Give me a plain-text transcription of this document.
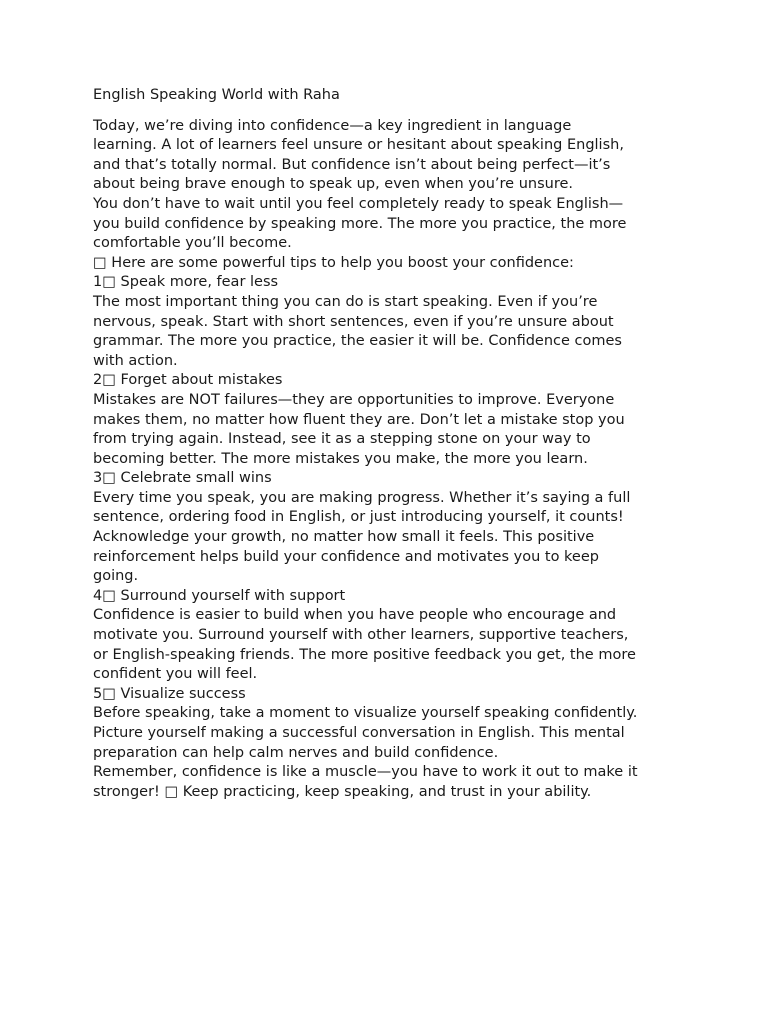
English Speaking World with Raha
Today, we’re diving into confidence—a key ingredient in language
learning. A lot of learners feel unsure or hesitant about speaking English,
and that’s totally normal. But confidence isn’t about being perfect—it’s
about being brave enough to speak up, even when you’re unsure.
You don’t have to wait until you feel completely ready to speak English—
you build confidence by speaking more. The more you practice, the more
comfortable you’ll become.
□ Here are some powerful tips to help you boost your confidence:
1□ Speak more, fear less
The most important thing you can do is start speaking. Even if you’re
nervous, speak. Start with short sentences, even if you’re unsure about
grammar. The more you practice, the easier it will be. Confidence comes
with action.
2□ Forget about mistakes
Mistakes are NOT failures—they are opportunities to improve. Everyone
makes them, no matter how fluent they are. Don’t let a mistake stop you
from trying again. Instead, see it as a stepping stone on your way to
becoming better. The more mistakes you make, the more you learn.
3□ Celebrate small wins
Every time you speak, you are making progress. Whether it’s saying a full
sentence, ordering food in English, or just introducing yourself, it counts!
Acknowledge your growth, no matter how small it feels. This positive
reinforcement helps build your confidence and motivates you to keep
going.
4□ Surround yourself with support
Confidence is easier to build when you have people who encourage and
motivate you. Surround yourself with other learners, supportive teachers,
or English-speaking friends. The more positive feedback you get, the more
confident you will feel.
5□ Visualize success
Before speaking, take a moment to visualize yourself speaking confidently.
Picture yourself making a successful conversation in English. This mental
preparation can help calm nerves and build confidence.
Remember, confidence is like a muscle—you have to work it out to make it
stronger! □ Keep practicing, keep speaking, and trust in your ability.
